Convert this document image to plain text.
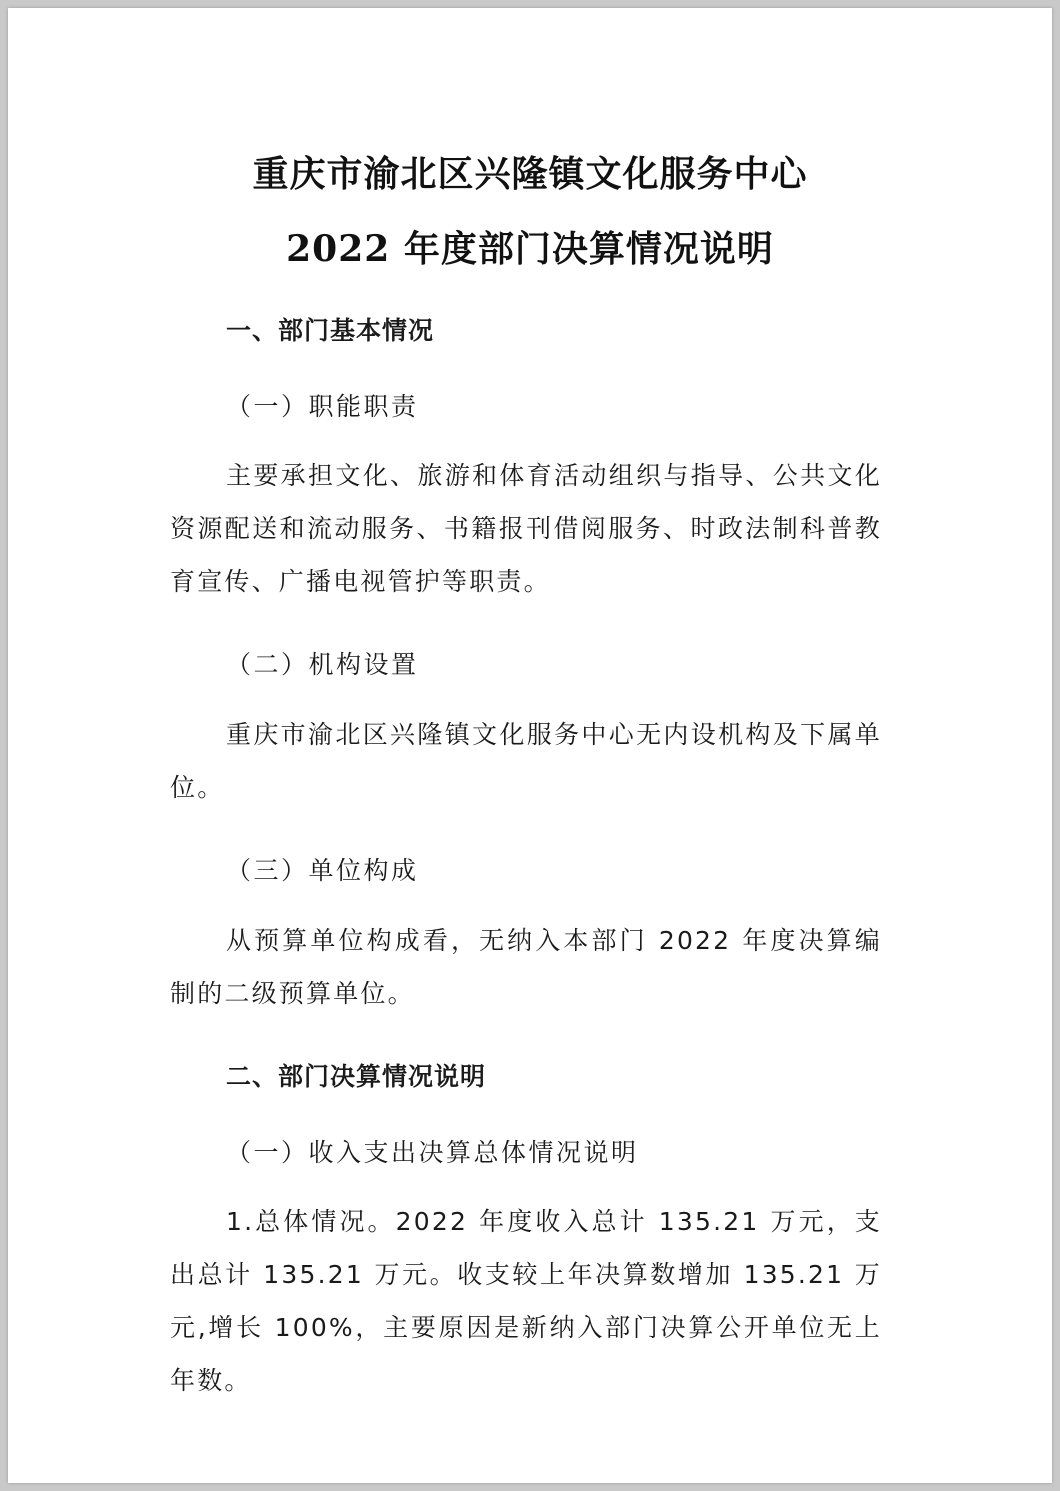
重庆市渝北区兴隆镇文化服务中心
2022 年度部门决算情况说明
一、部门基本情况
（一）职能职责
主要承担文化、旅游和体育活动组织与指导、公共文化资源配送和流动服务、书籍报刊借阅服务、时政法制科普教育宣传、广播电视管护等职责。
（二）机构设置
重庆市渝北区兴隆镇文化服务中心无内设机构及下属单位。
（三）单位构成
从预算单位构成看，无纳入本部门 2022 年度决算编制的二级预算单位。
二、部门决算情况说明
（一）收入支出决算总体情况说明
1.总体情况。2022 年度收入总计 135.21 万元，支出总计 135.21 万元。收支较上年决算数增加 135.21 万元,增长 100%，主要原因是新纳入部门决算公开单位无上年数。
